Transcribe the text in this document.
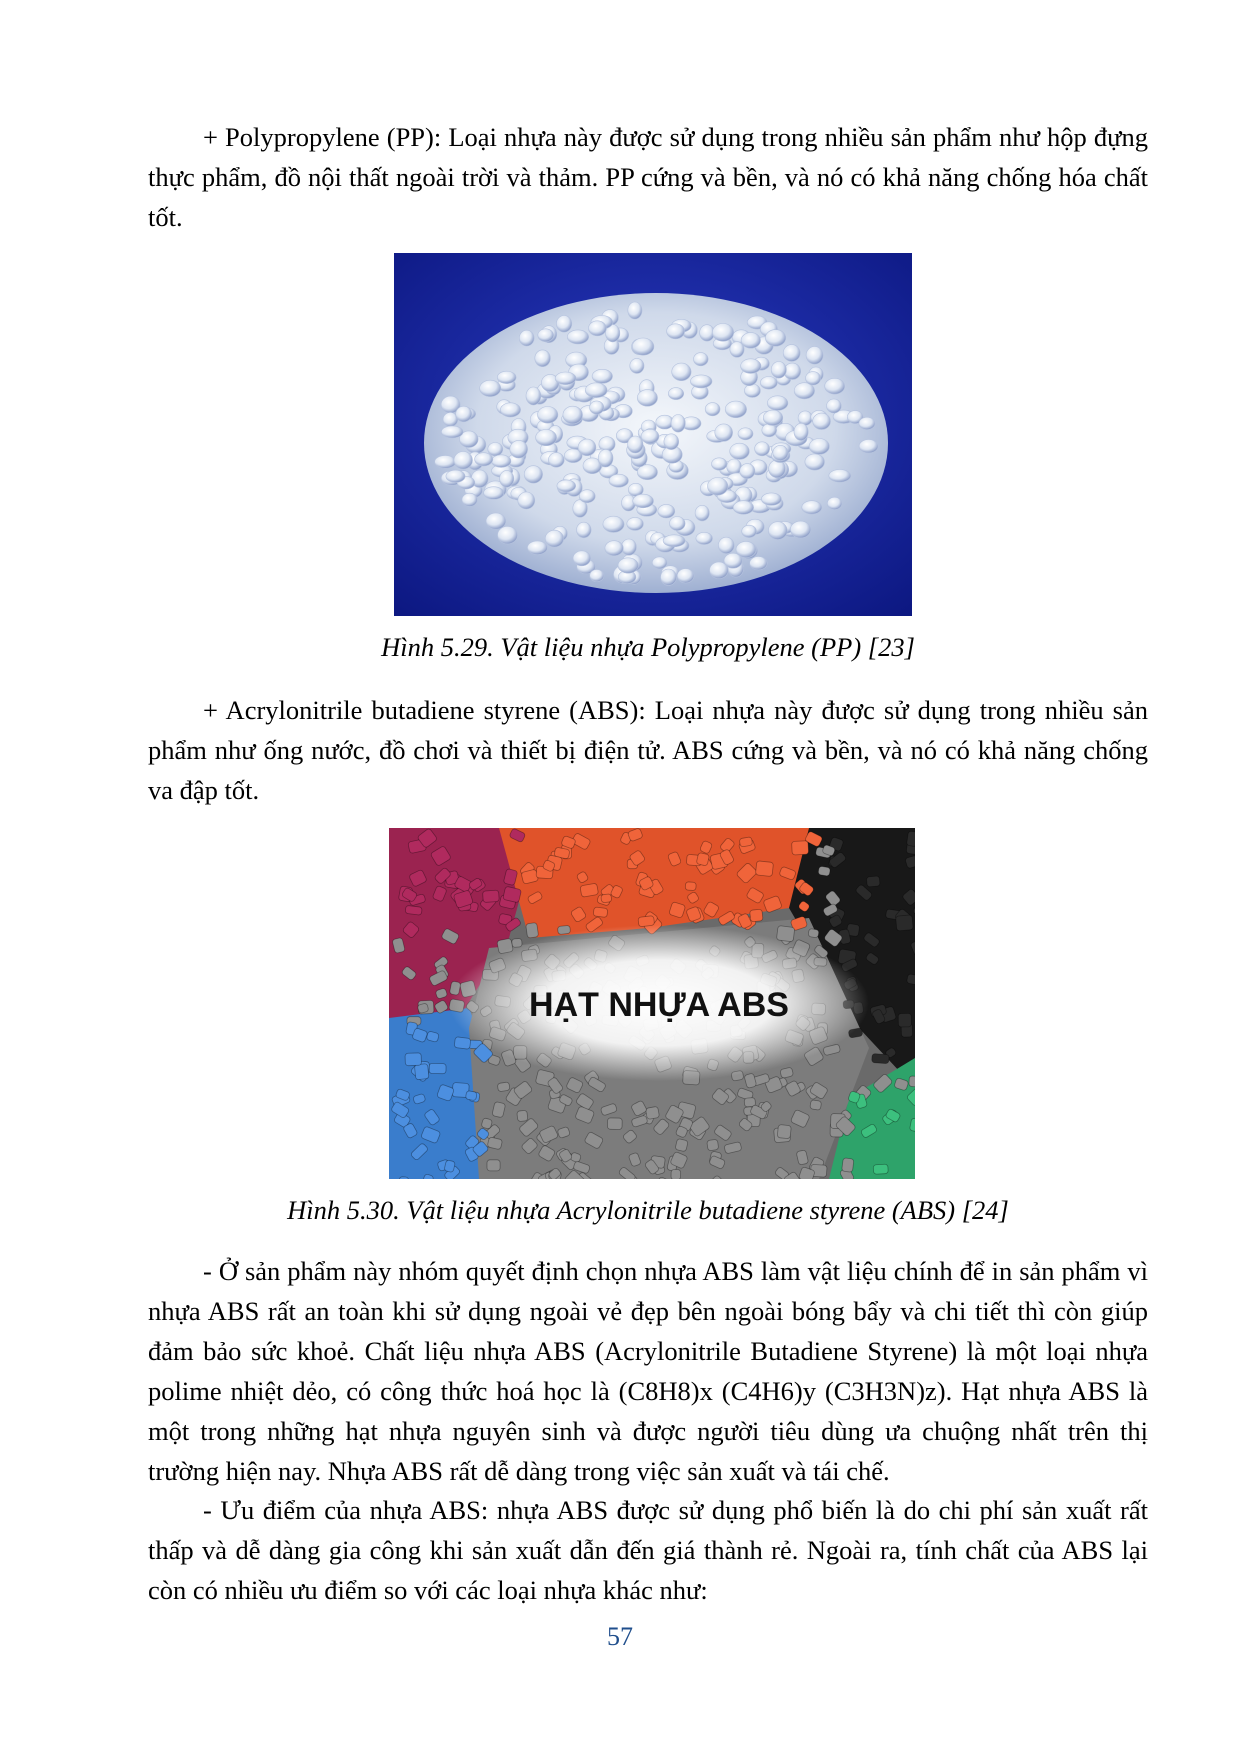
+ Polypropylene (PP): Loại nhựa này được sử dụng trong nhiều sản phẩm như hộp đựng thực phẩm, đồ nội thất ngoài trời và thảm. PP cứng và bền, và nó có khả năng chống hóa chất tốt.

Hình 5.29. Vật liệu nhựa Polypropylene (PP) [23]

+ Acrylonitrile butadiene styrene (ABS): Loại nhựa này được sử dụng trong nhiều sản phẩm như ống nước, đồ chơi và thiết bị điện tử. ABS cứng và bền, và nó có khả năng chống va đập tốt.

HẠT NHỰA ABS

Hình 5.30. Vật liệu nhựa Acrylonitrile butadiene styrene (ABS) [24]

- Ở sản phẩm này nhóm quyết định chọn nhựa ABS làm vật liệu chính để in sản phẩm vì nhựa ABS rất an toàn khi sử dụng ngoài vẻ đẹp bên ngoài bóng bẩy và chi tiết thì còn giúp đảm bảo sức khoẻ. Chất liệu nhựa ABS (Acrylonitrile Butadiene Styrene) là một loại nhựa polime nhiệt dẻo, có công thức hoá học là (C8H8)x (C4H6)y (C3H3N)z). Hạt nhựa ABS là một trong những hạt nhựa nguyên sinh và được người tiêu dùng ưa chuộng nhất trên thị trường hiện nay. Nhựa ABS rất dễ dàng trong việc sản xuất và tái chế.

- Ưu điểm của nhựa ABS: nhựa ABS được sử dụng phổ biến là do chi phí sản xuất rất thấp và dễ dàng gia công khi sản xuất dẫn đến giá thành rẻ. Ngoài ra, tính chất của ABS lại còn có nhiều ưu điểm so với các loại nhựa khác như:

57
